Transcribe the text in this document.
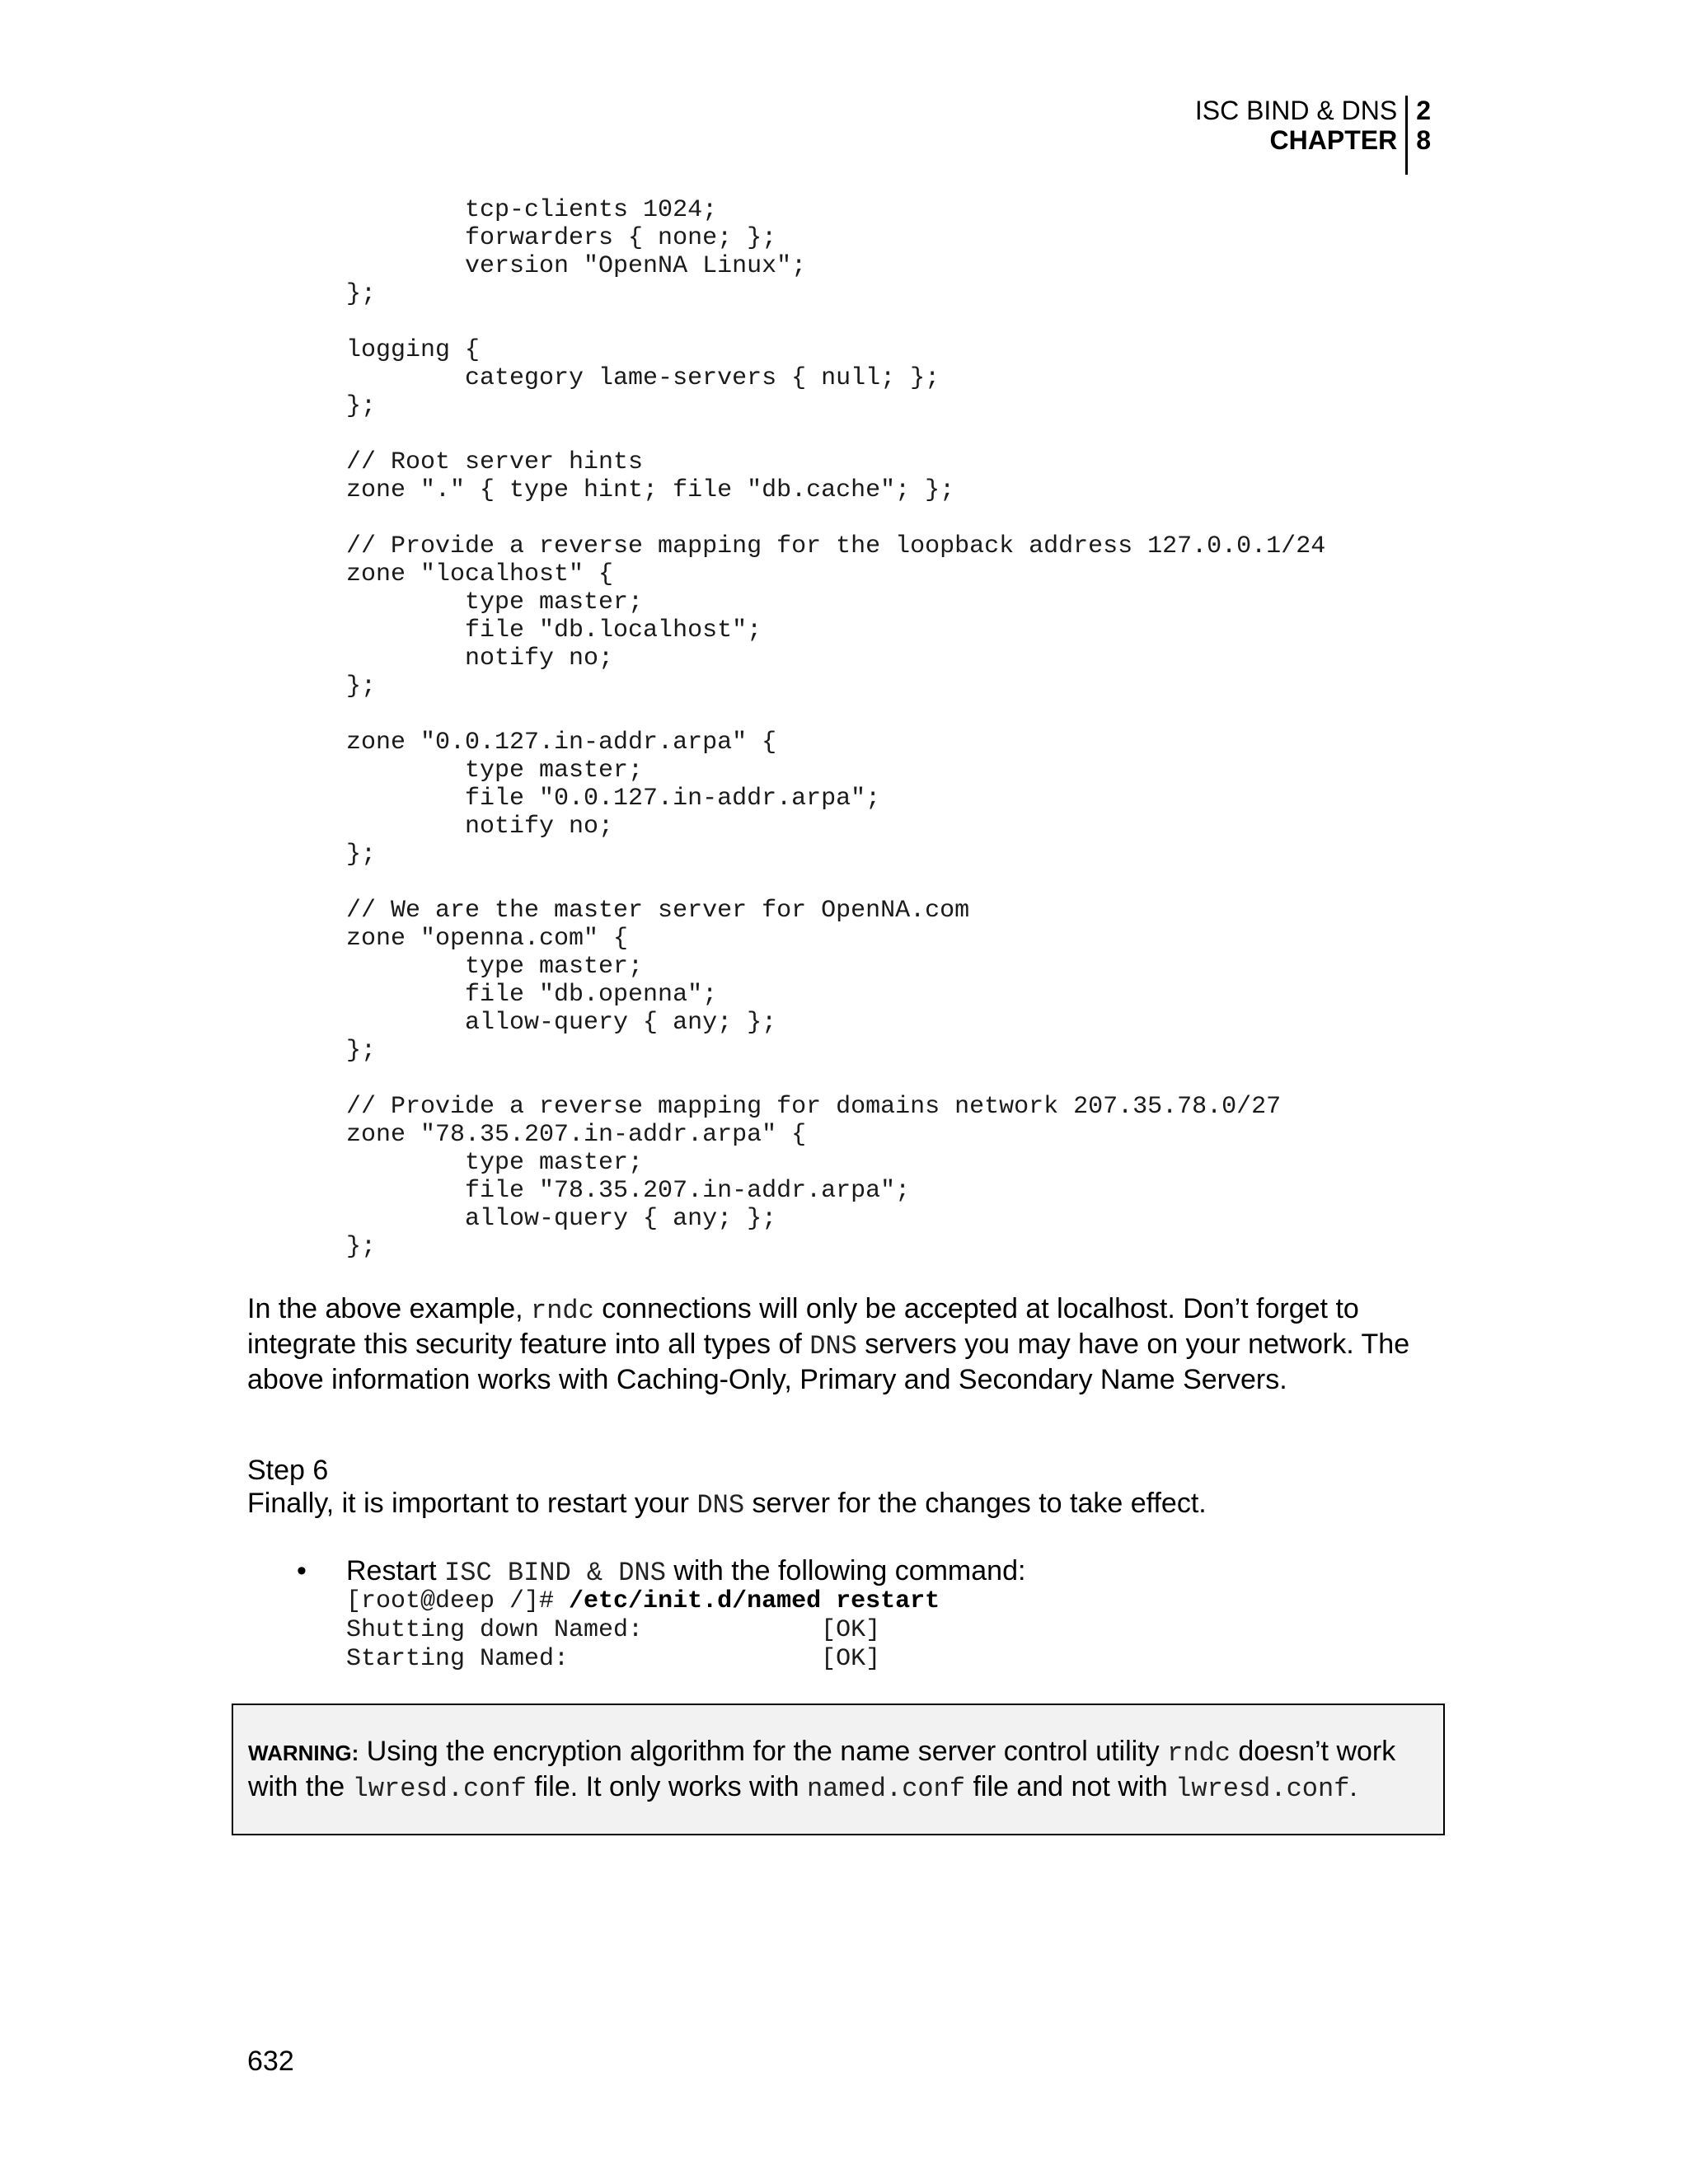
ISC BIND & DNS
CHAPTER
2
8
tcp-clients 1024;
forwarders { none; };
version "OpenNA Linux";
};

logging {
category lame-servers { null; };
};

// Root server hints
zone "." { type hint; file "db.cache"; };

// Provide a reverse mapping for the loopback address 127.0.0.1/24
zone "localhost" {
type master;
file "db.localhost";
notify no;
};

zone "0.0.127.in-addr.arpa" {
type master;
file "0.0.127.in-addr.arpa";
notify no;
};

// We are the master server for OpenNA.com
zone "openna.com" {
type master;
file "db.openna";
allow-query { any; };
};

// Provide a reverse mapping for domains network 207.35.78.0/27
zone "78.35.207.in-addr.arpa" {
type master;
file "78.35.207.in-addr.arpa";
allow-query { any; };
};

In the above example, rndc connections will only be accepted at localhost. Don’t forget to integrate this security feature into all types of DNS servers you may have on your network. The above information works with Caching-Only, Primary and Secondary Name Servers.

Step 6

Finally, it is important to restart your DNS server for the changes to take effect.

• Restart ISC BIND & DNS with the following command:
[root@deep /]# /etc/init.d/named restart
Shutting down Named:            [OK]
Starting Named:                 [OK]
WARNING: Using the encryption algorithm for the name server control utility rndc doesn’t work with the lwresd.conf file. It only works with named.conf file and not with lwresd.conf.
632
